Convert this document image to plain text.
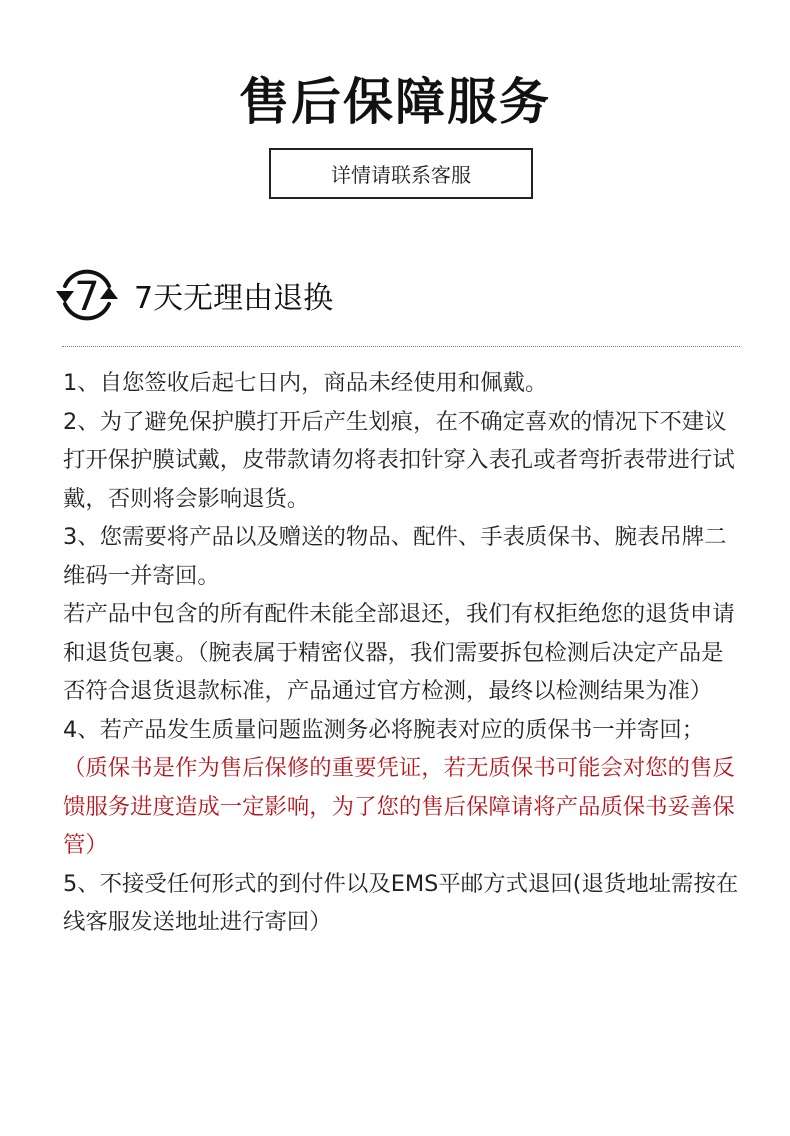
售后保障服务
详情请联系客服
7 7天无理由退换

1、自您签收后起七日内，商品未经使用和佩戴。

2、为了避免保护膜打开后产生划痕，在不确定喜欢的情况下不建议打开保护膜试戴，皮带款请勿将表扣针穿入表孔或者弯折表带进行试戴，否则将会影响退货。

3、您需要将产品以及赠送的物品、配件、手表质保书、腕表吊牌二维码一并寄回。

若产品中包含的所有配件未能全部退还，我们有权拒绝您的退货申请和退货包裹。（腕表属于精密仪器，我们需要拆包检测后决定产品是否符合退货退款标准，产品通过官方检测，最终以检测结果为准）

4、若产品发生质量问题监测务必将腕表对应的质保书一并寄回；

（质保书是作为售后保修的重要凭证，若无质保书可能会对您的售反馈服务进度造成一定影响，为了您的售后保障请将产品质保书妥善保管）

5、不接受任何形式的到付件以及EMS平邮方式退回(退货地址需按在线客服发送地址进行寄回）
